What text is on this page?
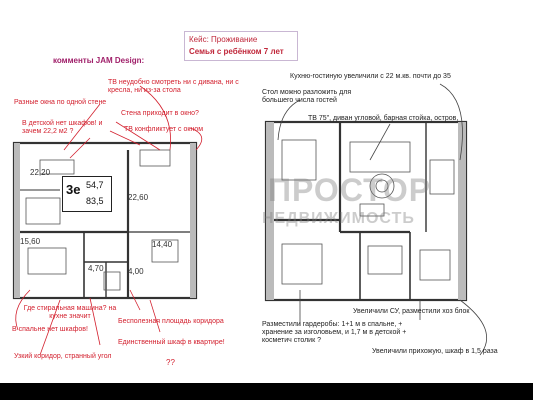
Кейс: Проживание
Семья с ребёнком 7 лет
комменты JAM Design:
22,20
22,60
15,60	14,40
4,70	4,00
3е 54,7
83,5	ПРОСТОР
НЕДВИЖИМОСТЬ
ТВ неудобно смотреть ни с дивана, ни с кресла, ни из-за стола
Разные окна по одной стене
В детской нет шкафов! и зачем 22,2 м2 ?
Стена приходит в окно?
ТВ конфликтует с окном
Где стиральная машина? на кухне значит
В спальне нет шкафов!
Бесполезная площадь коридора
Единственный шкаф в квартире!
Узкий коридор, странный угол
??
Кухню-гостиную увеличили с 22 м.кв. почти до 35
Стол можно разложить для большего числа гостей
ТВ 75", диван угловой, барная стойка, остров,
Увеличили СУ, разместили хоз блок
Разместили гардеробы: 1+1 м в спальне, + хранение за изголовьем, и 1,7 м в детской + косметич столик ?
Увеличили прихожую, шкаф в 1,5 раза
